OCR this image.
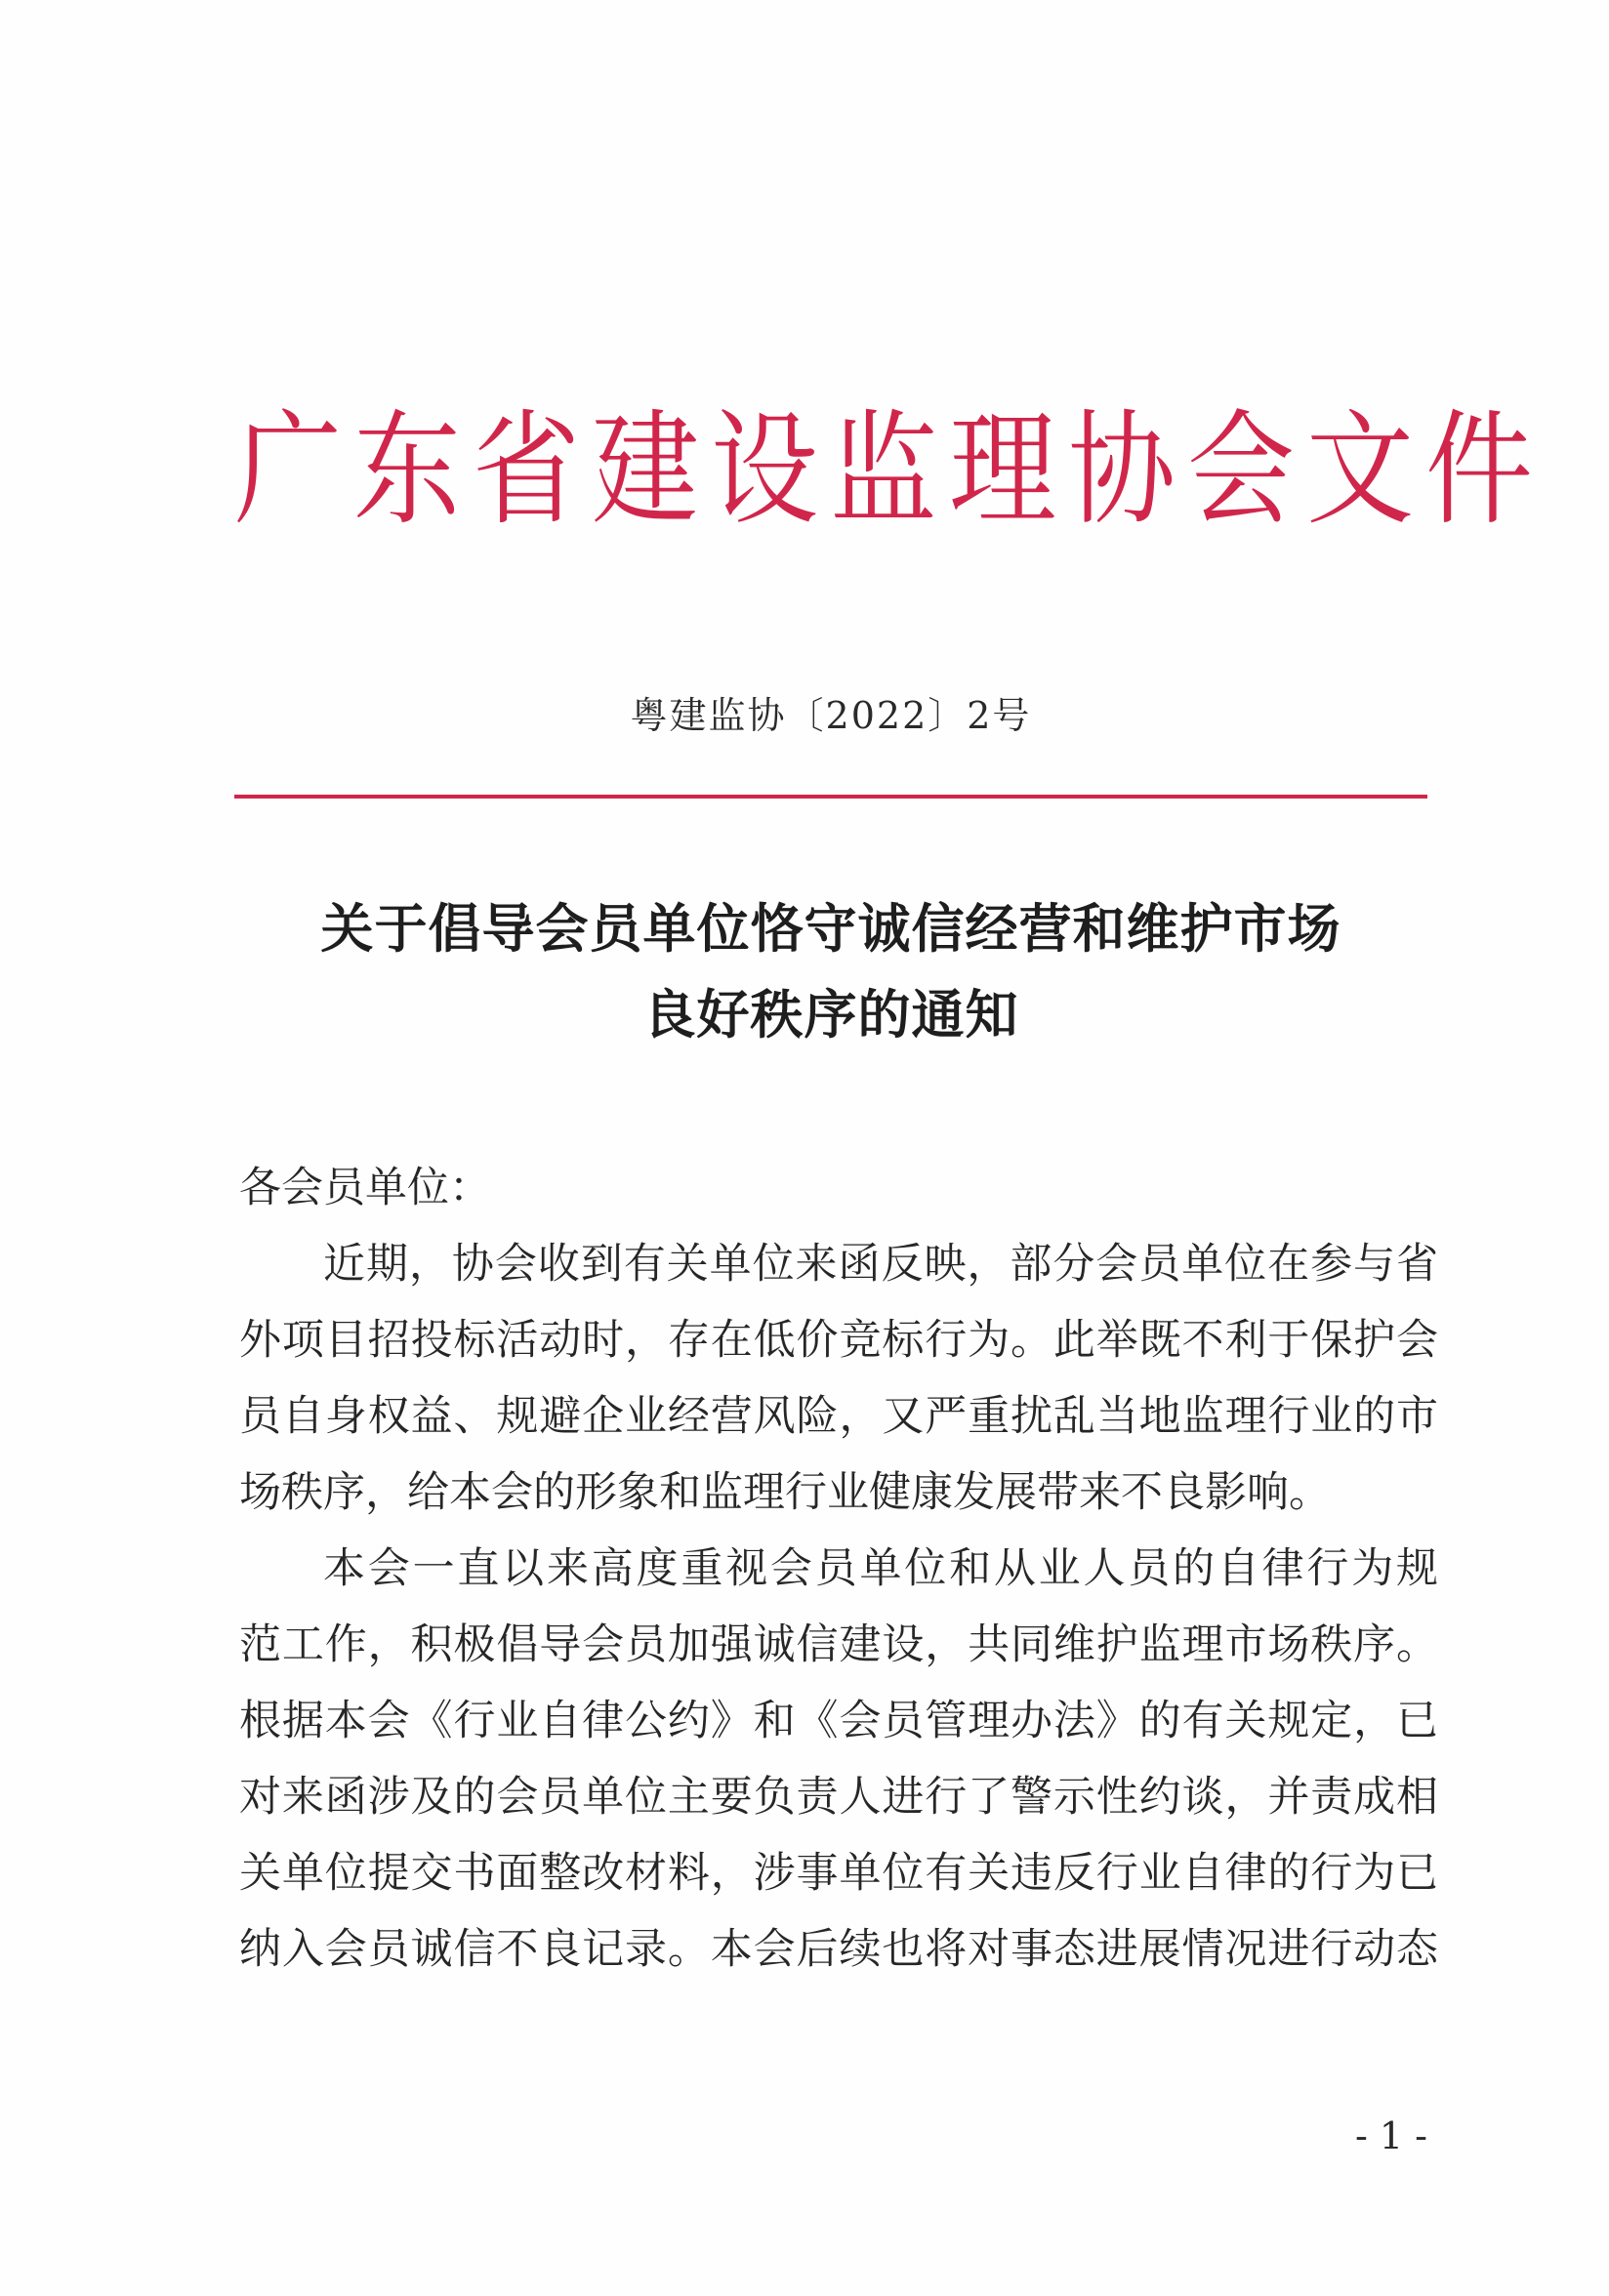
广东省建设监理协会文件
粤建监协〔2022〕2号
关于倡导会员单位恪守诚信经营和维护市场
良好秩序的通知

各会员单位：

近期，协会收到有关单位来函反映，部分会员单位在参与省
外项目招投标活动时，存在低价竞标行为。此举既不利于保护会
员自身权益、规避企业经营风险，又严重扰乱当地监理行业的市
场秩序，给本会的形象和监理行业健康发展带来不良影响。
本会一直以来高度重视会员单位和从业人员的自律行为规
范工作，积极倡导会员加强诚信建设，共同维护监理市场秩序。
根据本会《行业自律公约》和《会员管理办法》的有关规定，已
对来函涉及的会员单位主要负责人进行了警示性约谈，并责成相
关单位提交书面整改材料，涉事单位有关违反行业自律的行为已
纳入会员诚信不良记录。本会后续也将对事态进展情况进行动态
- 1 -
